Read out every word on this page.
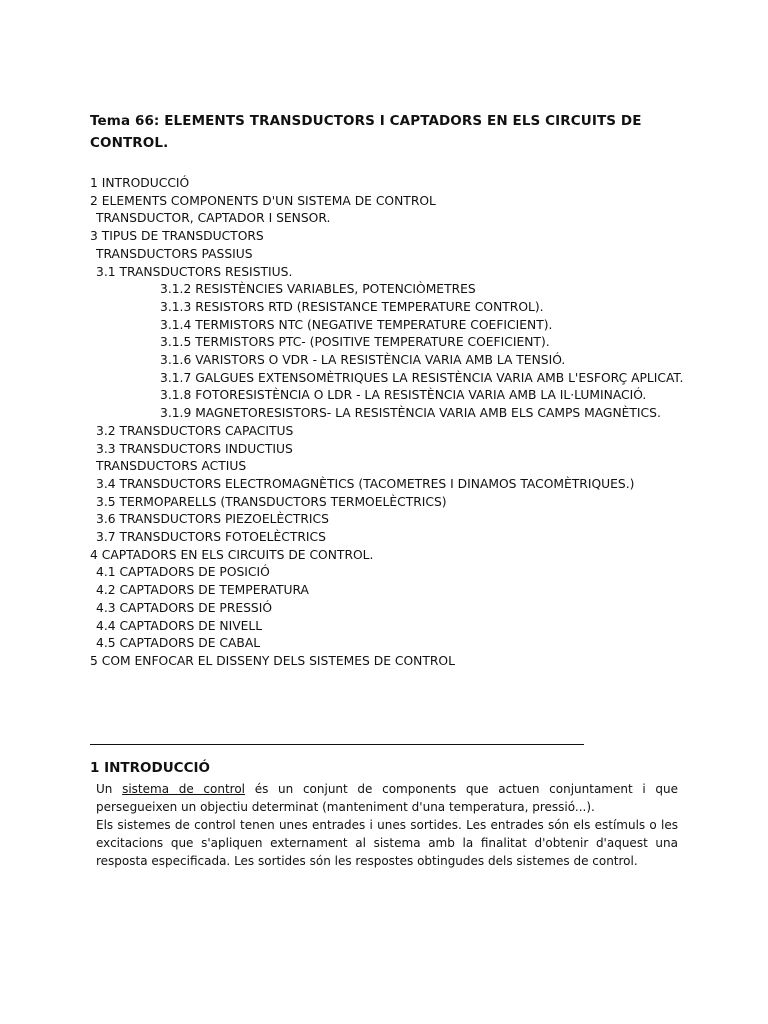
Tema 66: ELEMENTS TRANSDUCTORS I CAPTADORS EN ELS CIRCUITS DE CONTROL.
1 INTRODUCCIÓ
2 ELEMENTS COMPONENTS D'UN SISTEMA DE CONTROL
TRANSDUCTOR, CAPTADOR I SENSOR.
3 TIPUS DE TRANSDUCTORS
TRANSDUCTORS PASSIUS
3.1 TRANSDUCTORS RESISTIUS.
3.1.2 RESISTÈNCIES VARIABLES, POTENCIÒMETRES
3.1.3 RESISTORS RTD (RESISTANCE TEMPERATURE CONTROL).
3.1.4 TERMISTORS NTC (NEGATIVE TEMPERATURE COEFICIENT).
3.1.5 TERMISTORS PTC- (POSITIVE TEMPERATURE COEFICIENT).
3.1.6 VARISTORS O VDR - LA RESISTÈNCIA VARIA AMB LA TENSIÓ.
3.1.7 GALGUES EXTENSOMÈTRIQUES LA RESISTÈNCIA VARIA AMB L'ESFORÇ APLICAT.
3.1.8 FOTORESISTÈNCIA O LDR - LA RESISTÈNCIA VARIA AMB LA IL·LUMINACIÓ.
3.1.9 MAGNETORESISTORS- LA RESISTÈNCIA VARIA AMB ELS CAMPS MAGNÈTICS.
3.2 TRANSDUCTORS CAPACITUS
3.3 TRANSDUCTORS INDUCTIUS
TRANSDUCTORS ACTIUS
3.4 TRANSDUCTORS ELECTROMAGNÈTICS (TACOMETRES I DINAMOS TACOMÈTRIQUES.)
3.5 TERMOPARELLS (TRANSDUCTORS TERMOELÈCTRICS)
3.6 TRANSDUCTORS PIEZOELÈCTRICS
3.7 TRANSDUCTORS FOTOELÈCTRICS
4 CAPTADORS EN ELS CIRCUITS DE CONTROL.
4.1 CAPTADORS DE POSICIÓ
4.2 CAPTADORS DE TEMPERATURA
4.3 CAPTADORS DE PRESSIÓ
4.4 CAPTADORS DE NIVELL
4.5 CAPTADORS DE CABAL
5 COM ENFOCAR EL DISSENY DELS SISTEMES DE CONTROL
1 INTRODUCCIÓ

Un sistema de control és un conjunt de components que actuen conjuntament i que persegueixen un objectiu determinat (manteniment d'una temperatura, pressió...).

Els sistemes de control tenen unes entrades i unes sortides. Les entrades són els estímuls o les excitacions que s'apliquen externament al sistema amb la finalitat d'obtenir d'aquest una resposta especificada. Les sortides són les respostes obtingudes dels sistemes de control.
